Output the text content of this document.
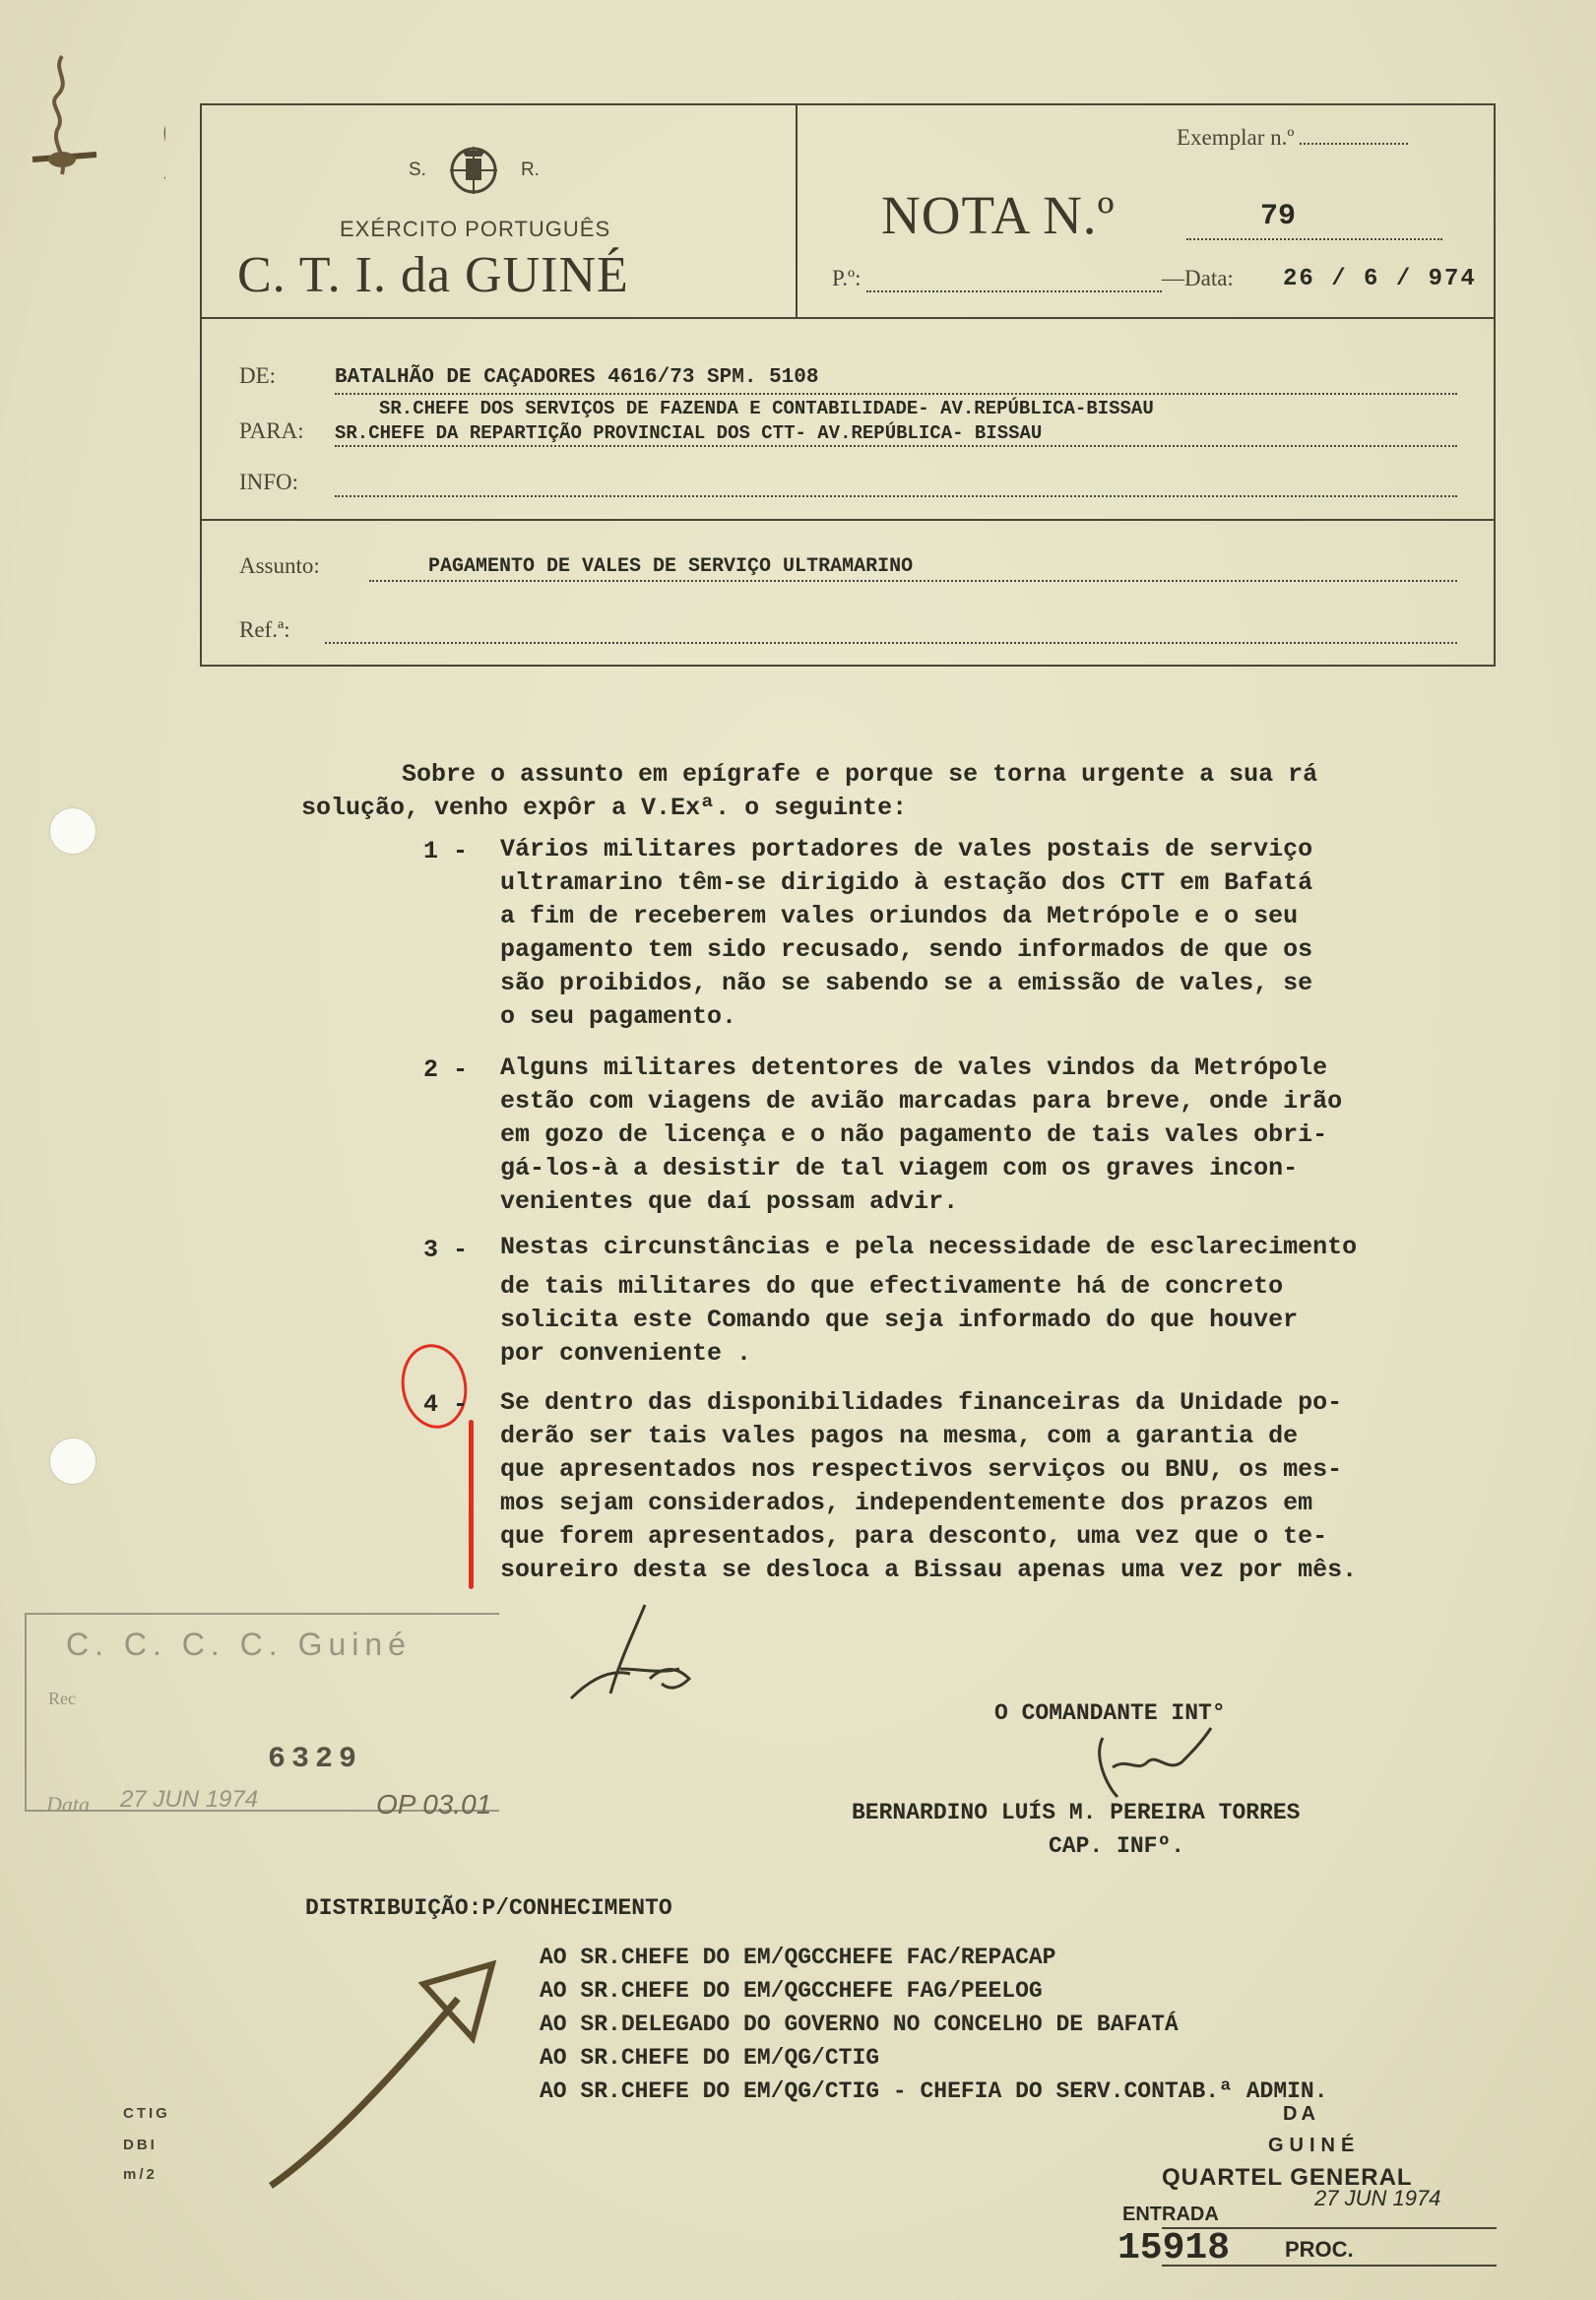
S.	R.
EXÉRCITO PORTUGUÊS
C. T. I. da GUINÉ
Exemplar n.º
NOTA N.º	79
P.º:	—Data: 26 / 6 / 974
DE:	BATALHÃO DE CAÇADORES 4616/73 SPM. 5108
PARA:
SR.CHEFE DOS SERVIÇOS DE FAZENDA E CONTABILIDADE- AV.REPÚBLICA-BISSAU
SR.CHEFE DA REPARTIÇÃO PROVINCIAL DOS CTT- AV.REPÚBLICA- BISSAU
INFO:
Assunto:	PAGAMENTO DE VALES DE SERVIÇO ULTRAMARINO
Ref.ª:
Sobre o assunto em epígrafe e porque se torna urgente a sua rá
solução, venho expôr a V.Exª. o seguinte:
1 - Vários militares portadores de vales postais de serviço
ultramarino têm-se dirigido à estação dos CTT em Bafatá
a fim de receberem vales oriundos da Metrópole e o seu
pagamento tem sido recusado, sendo informados de que os
são proibidos, não se sabendo se a emissão de vales, se
o seu pagamento.
2 - Alguns militares detentores de vales vindos da Metrópole
estão com viagens de avião marcadas para breve, onde irão
em gozo de licença e o não pagamento de tais vales obri-
gá-los-à a desistir de tal viagem com os graves incon-
venientes que daí possam advir.
3 - Nestas circunstâncias e pela necessidade de esclarecimento
de tais militares do que efectivamente há de concreto
solicita este Comando que seja informado do que houver
por conveniente .
4 - Se dentro das disponibilidades financeiras da Unidade po-
derão ser tais vales pagos na mesma, com a garantia de
que apresentados nos respectivos serviços ou BNU, os mes-
mos sejam considerados, independentemente dos prazos em
que forem apresentados, para desconto, uma vez que o te-
soureiro desta se desloca a Bissau apenas uma vez por mês.
C. C. C. C. Guiné
Rec
6329
Data 27 JUN 1974	OP 03.01
O COMANDANTE INT°
BERNARDINO LUÍS M. PEREIRA TORRES
CAP. INFº.
DISTRIBUIÇÃO:P/CONHECIMENTO
AO SR.CHEFE DO EM/QGCCHEFE FAC/REPACAP
AO SR.CHEFE DO EM/QGCCHEFE FAG/PEELOG
AO SR.DELEGADO DO GOVERNO NO CONCELHO DE BAFATÁ
AO SR.CHEFE DO EM/QG/CTIG
AO SR.CHEFE DO EM/QG/CTIG - CHEFIA DO SERV.CONTAB.ª ADMIN.
CTIG
DBI
m/2
DA
GUINÉ
QUARTEL GENERAL
ENTRADA
27 JUN 1974
15918	PROC.
